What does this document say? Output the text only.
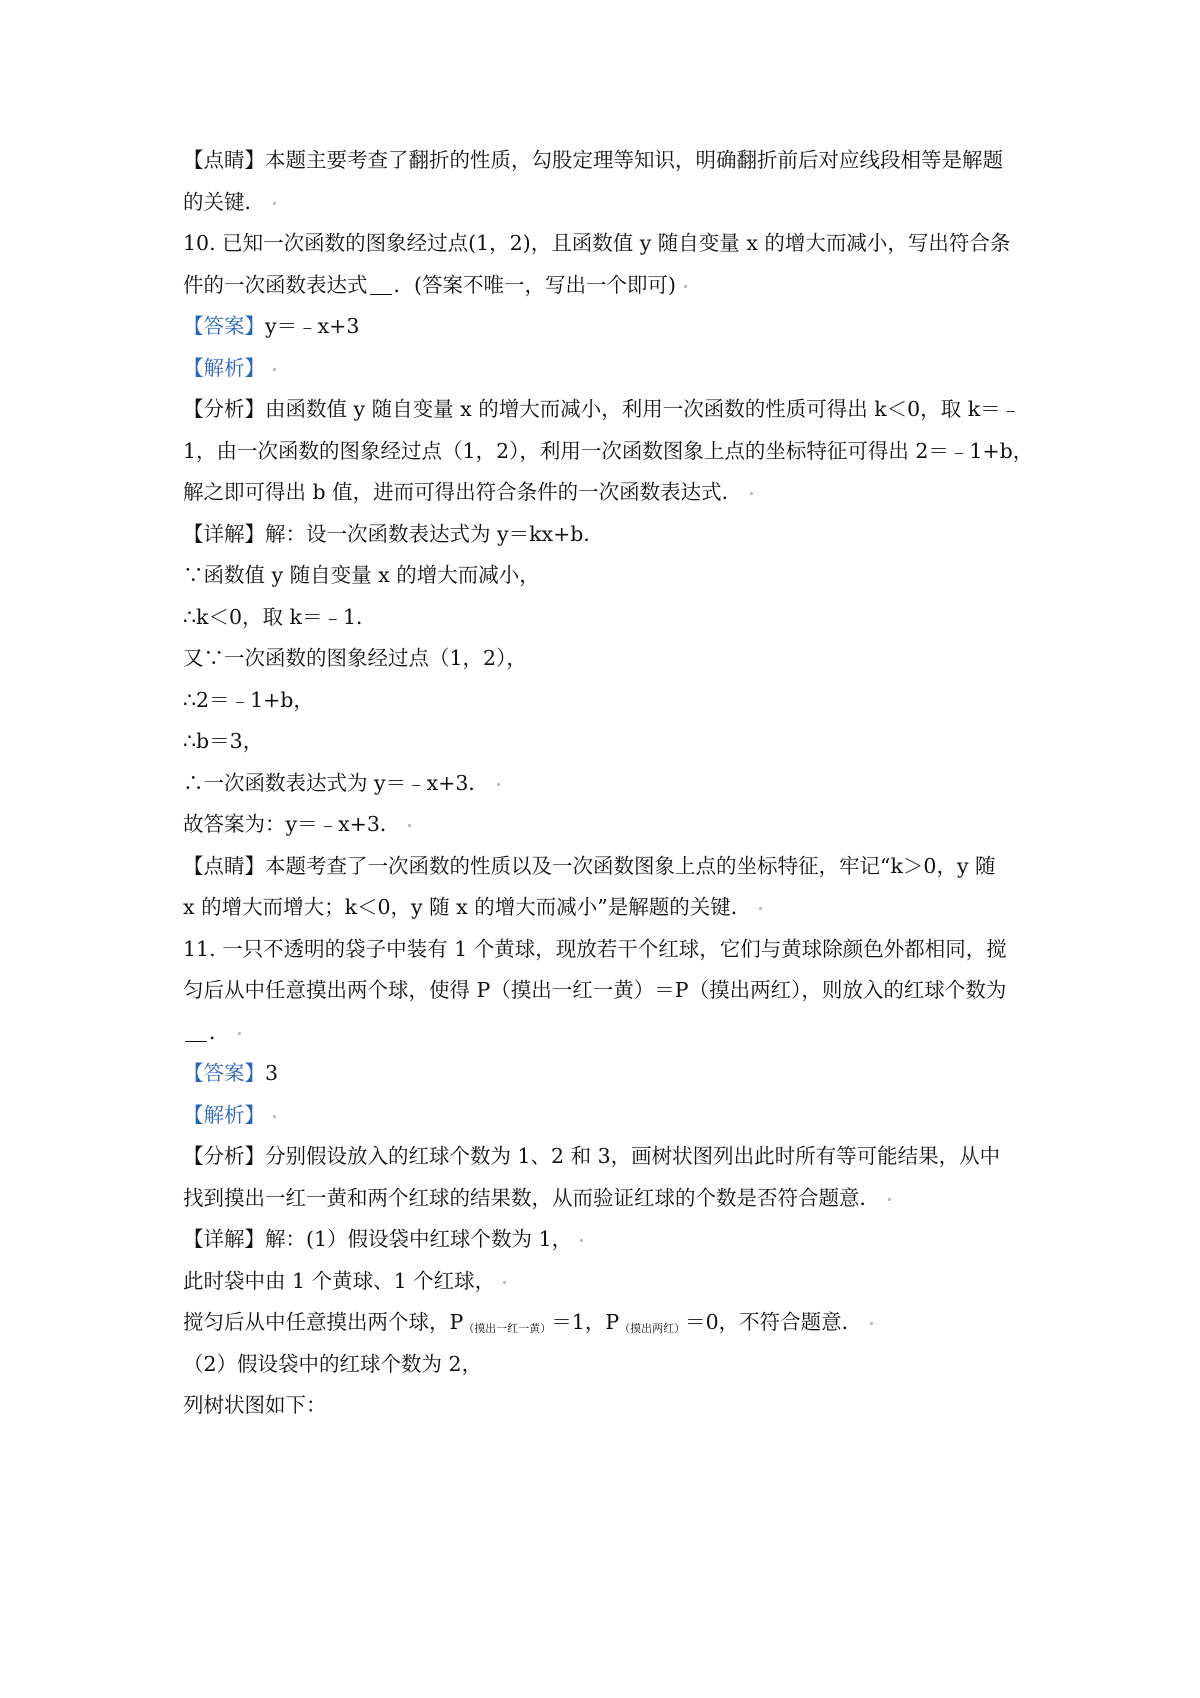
【点睛】本题主要考查了翻折的性质，勾股定理等知识，明确翻折前后对应线段相等是解题
的关键．
10. 已知一次函数的图象经过点(1，2)，且函数值 y 随自变量 x 的增大而减小，写出符合条
件的一次函数表达式 ．(答案不唯一，写出一个即可)
【答案】y＝﹣x+3
【解析】
【分析】由函数值 y 随自变量 x 的增大而减小，利用一次函数的性质可得出 k＜0，取 k＝﹣
1，由一次函数的图象经过点（1，2），利用一次函数图象上点的坐标特征可得出 2＝﹣1+b，
解之即可得出 b 值，进而可得出符合条件的一次函数表达式．
【详解】解：设一次函数表达式为 y＝kx+b．
∵函数值 y 随自变量 x 的增大而减小，
∴k＜0，取 k＝﹣1．
又∵一次函数的图象经过点（1，2），
∴2＝﹣1+b，
∴b＝3，
∴一次函数表达式为 y＝﹣x+3．
故答案为：y＝﹣x+3．
【点睛】本题考查了一次函数的性质以及一次函数图象上点的坐标特征，牢记“k＞0，y 随
x 的增大而增大；k＜0，y 随 x 的增大而减小”是解题的关键．
11. 一只不透明的袋子中装有 1 个黄球，现放若干个红球，它们与黄球除颜色外都相同，搅
匀后从中任意摸出两个球，使得 P（摸出一红一黄）＝P（摸出两红），则放入的红球个数为
．
【答案】3
【解析】
【分析】分别假设放入的红球个数为 1、2 和 3，画树状图列出此时所有等可能结果，从中
找到摸出一红一黄和两个红球的结果数，从而验证红球的个数是否符合题意．
【详解】解：(1）假设袋中红球个数为 1，
此时袋中由 1 个黄球、1 个红球，
搅匀后从中任意摸出两个球，$P_{(摸出一红一黄)}=1$，$P_{(摸出两红)}=0$，不符合题意．
（2）假设袋中的红球个数为 2，
列树状图如下：
